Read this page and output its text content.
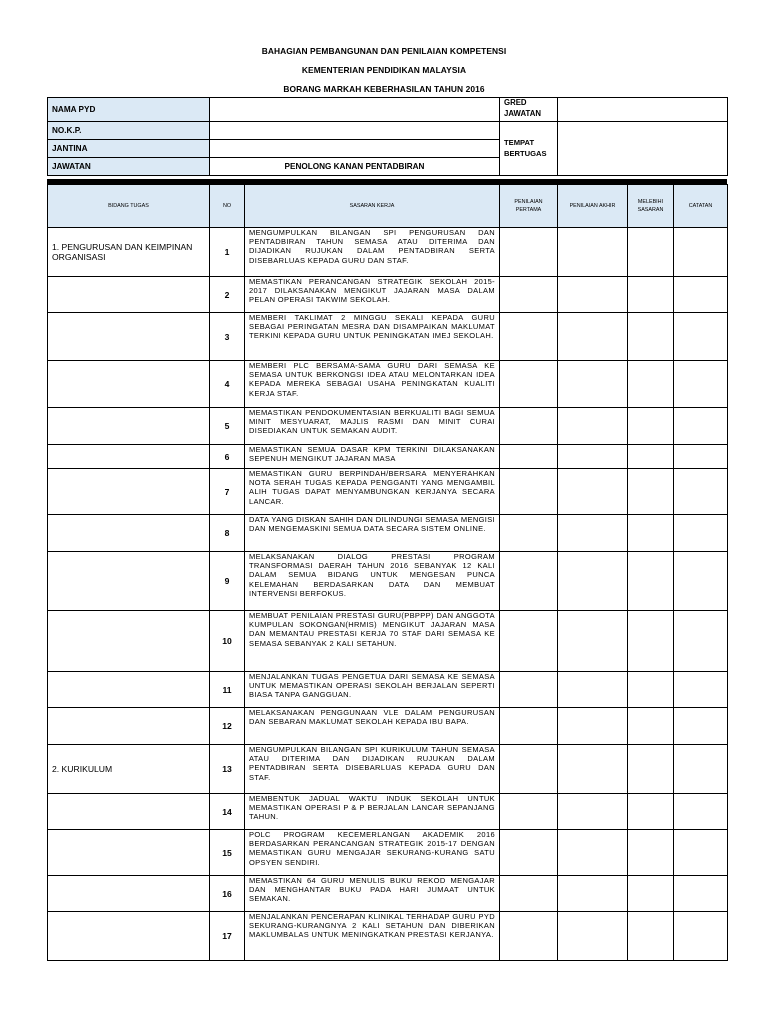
BAHAGIAN PEMBANGUNAN DAN PENILAIAN KOMPETENSI
KEMENTERIAN PENDIDIKAN MALAYSIA
BORANG MARKAH KEBERHASILAN TAHUN 2016
NAMA PYD		GRED JAWATAN	
NO.K.P.		TEMPAT BERTUGAS	
JANTINA			
JAWATAN	PENOLONG KANAN PENTADBIRAN		
BIDANG TUGAS	NO	SASARAN KERJA	PENILAIAN PERTAMA	PENILAIAN AKHIR	MELEBIHI SASARAN	CATATAN
1. PENGURUSAN DAN KEIMPINAN ORGANISASI	1	MENGUMPULKAN BILANGAN SPI PENGURUSAN DAN PENTADBIRAN TAHUN SEMASA ATAU DITERIMA DAN DIJADIKAN RUJUKAN DALAM PENTADBIRAN SERTA DISEBARLUAS KEPADA GURU DAN STAF.				
	2	MEMASTIKAN PERANCANGAN STRATEGIK SEKOLAH 2015-2017 DILAKSANAKAN MENGIKUT JAJARAN MASA DALAM PELAN OPERASI TAKWIM SEKOLAH.				
	3	MEMBERI TAKLIMAT 2 MINGGU SEKALI KEPADA GURU SEBAGAI PERINGATAN MESRA DAN DISAMPAIKAN MAKLUMAT TERKINI KEPADA GURU UNTUK PENINGKATAN IMEJ SEKOLAH.				
	4	MEMBERI PLC BERSAMA-SAMA GURU DARI SEMASA KE SEMASA UNTUK BERKONGSI IDEA ATAU MELONTARKAN IDEA KEPADA MEREKA SEBAGAI USAHA PENINGKATAN KUALITI KERJA STAF.				
	5	MEMASTIKAN PENDOKUMENTASIAN BERKUALITI BAGI SEMUA MINIT MESYUARAT, MAJLIS RASMI DAN MINIT CURAI DISEDIAKAN UNTUK SEMAKAN AUDIT.				
	6	MEMASTIKAN SEMUA DASAR KPM TERKINI DILAKSANAKAN SEPENUH MENGIKUT JAJARAN MASA				
	7	MEMASTIKAN GURU BERPINDAH/BERSARA MENYERAHKAN NOTA SERAH TUGAS KEPADA PENGGANTI YANG MENGAMBIL ALIH TUGAS DAPAT MENYAMBUNGKAN KERJANYA SECARA LANCAR.				
	8	DATA YANG DISKAN SAHIH DAN DILINDUNGI SEMASA MENGISI DAN MENGEMASKINI SEMUA DATA SECARA SISTEM ONLINE.				
	9	MELAKSANAKAN DIALOG PRESTASI PROGRAM TRANSFORMASI DAERAH TAHUN 2016 SEBANYAK 12 KALI DALAM SEMUA BIDANG UNTUK MENGESAN PUNCA KELEMAHAN BERDASARKAN DATA DAN MEMBUAT INTERVENSI BERFOKUS.				
	10	MEMBUAT PENILAIAN PRESTASI GURU(PBPPP) DAN ANGGOTA KUMPULAN SOKONGAN(HRMIS) MENGIKUT JAJARAN MASA DAN MEMANTAU PRESTASI KERJA 70 STAF DARI SEMASA KE SEMASA SEBANYAK 2 KALI SETAHUN.				
	11	MENJALANKAN TUGAS PENGETUA DARI SEMASA KE SEMASA UNTUK MEMASTIKAN OPERASI SEKOLAH BERJALAN SEPERTI BIASA TANPA GANGGUAN.				
	12	MELAKSANAKAN PENGGUNAAN VLE DALAM PENGURUSAN DAN SEBARAN MAKLUMAT SEKOLAH KEPADA IBU BAPA.				
2. KURIKULUM	13	MENGUMPULKAN BILANGAN SPI KURIKULUM TAHUN SEMASA ATAU DITERIMA DAN DIJADIKAN RUJUKAN DALAM PENTADBIRAN SERTA DISEBARLUAS KEPADA GURU DAN STAF.				
	14	MEMBENTUK JADUAL WAKTU INDUK SEKOLAH UNTUK MEMASTIKAN OPERASI P & P BERJALAN LANCAR SEPANJANG TAHUN.				
	15	POLC PROGRAM KECEMERLANGAN AKADEMIK 2016 BERDASARKAN PERANCANGAN STRATEGIK 2015-17 DENGAN MEMASTIKAN GURU MENGAJAR SEKURANG-KURANG SATU OPSYEN SENDIRI.				
	16	MEMASTIKAN 64 GURU MENULIS BUKU REKOD MENGAJAR DAN MENGHANTAR BUKU PADA HARI JUMAAT UNTUK SEMAKAN.				
	17	MENJALANKAN PENCERAPAN KLINIKAL TERHADAP GURU PYD SEKURANG-KURANGNYA 2 KALI SETAHUN DAN DIBERIKAN MAKLUMBALAS UNTUK MENINGKATKAN PRESTASI KERJANYA.				
